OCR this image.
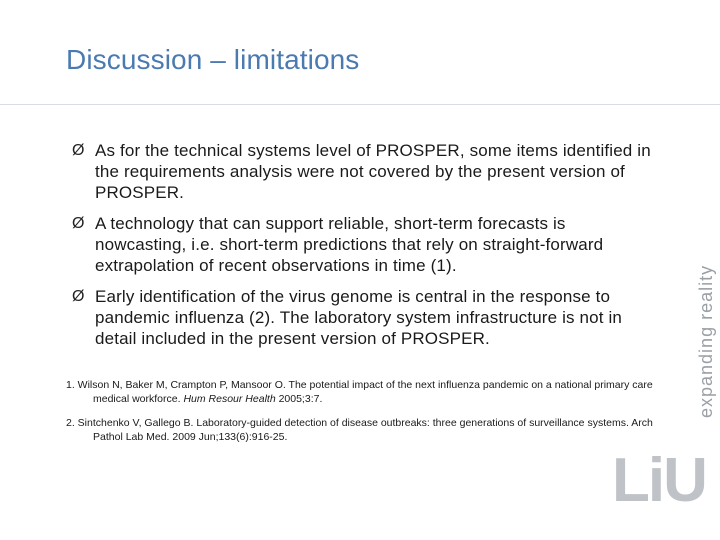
Discussion – limitations
Ø As for the technical systems level of PROSPER, some items identified in the requirements analysis were not covered by the present version of PROSPER.
Ø A technology that can support reliable, short-term forecasts is nowcasting, i.e. short-term predictions that rely on straight-forward extrapolation of recent observations in time (1).
Ø Early identification of the virus genome is central in the response to pandemic influenza (2). The laboratory system infrastructure is not in detail included in the present version of PROSPER.
1. Wilson N, Baker M, Crampton P, Mansoor O. The potential impact of the next influenza pandemic on a national primary care medical workforce. Hum Resour Health 2005;3:7.
2. Sintchenko V, Gallego B. Laboratory-guided detection of disease outbreaks: three generations of surveillance systems. Arch Pathol Lab Med. 2009 Jun;133(6):916-25.
expanding reality
LiU
